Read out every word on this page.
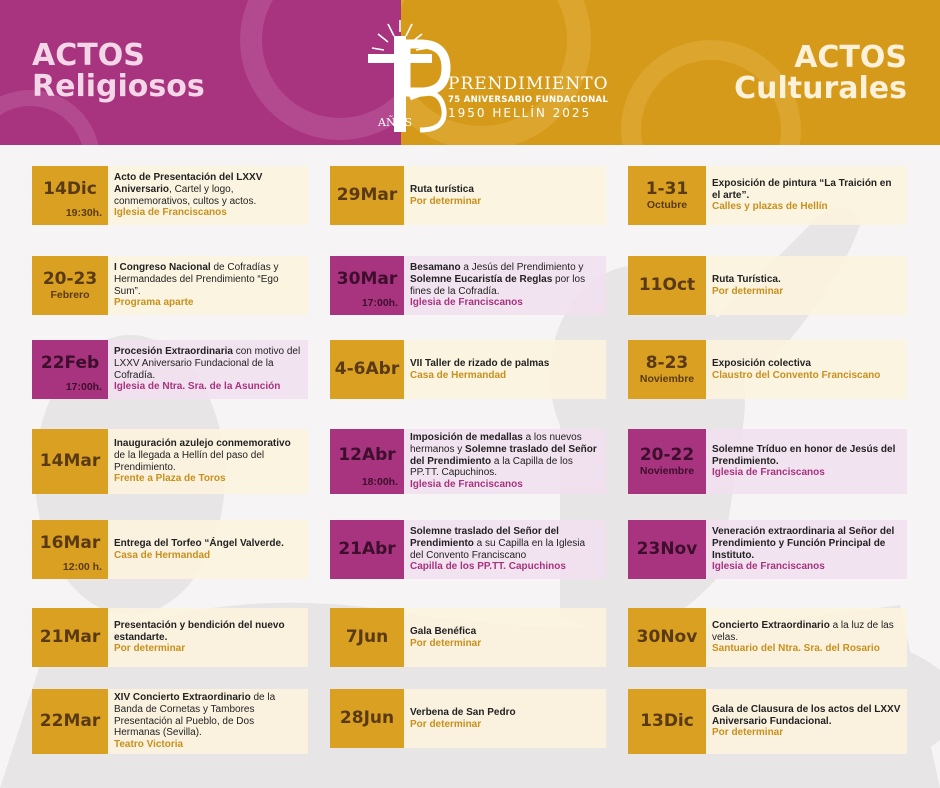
ACTOS
Religiosos
ACTOS
Culturales
AÑOS
PRENDIMIENTO
75 ANIVERSARIO FUNDACIONAL
1950 HELLÍN 2025
14Dic
19:30h.
Acto de Presentación del LXXV Aniversario, Cartel y logo, conmemorativos, cultos y actos.
Iglesia de Franciscanos
20-23
Febrero
I Congreso Nacional de Cofradías y Hermandades del Prendimiento “Ego Sum”.
Programa aparte
22Feb
17:00h.
Procesión Extraordinaria con motivo del LXXV Aniversario Fundacional de la Cofradía.
Iglesia de Ntra. Sra. de la Asunción
14Mar
Inauguración azulejo conmemorativo de la llegada a Hellín del paso del Prendimiento.
Frente a Plaza de Toros
16Mar
12:00 h.
Entrega del Torfeo “Ángel Valverde.
Casa de Hermandad
21Mar
Presentación y bendición del nuevo estandarte.
Por determinar
22Mar
XIV Concierto Extraordinario de la Banda de Cornetas y Tambores Presentación al Pueblo, de Dos Hermanas (Sevilla).
Teatro Victoria
29Mar Ruta turística
Por determinar
30Mar
17:00h.
Besamano a Jesús del Prendimiento y Solemne Eucaristía de Reglas por los fines de la Cofradía.
Iglesia de Franciscanos
4-6Abr VII Taller de rizado de palmas
Casa de Hermandad
12Abr
18:00h.
Imposición de medallas a los nuevos hermanos y Solemne traslado del Señor del Prendimiento a la Capilla de los PP.TT. Capuchinos.
Iglesia de Franciscanos
21Abr
Solemne traslado del Señor del Prendimiento a su Capilla en la Iglesia del Convento Franciscano
Capilla de los PP.TT. Capuchinos
7Jun Gala Benéfica
Por determinar
28Jun Verbena de San Pedro
Por determinar
1-31
Octubre
Exposición de pintura “La Traición en el arte”.
Calles y plazas de Hellín
11Oct Ruta Turística.
Por determinar
8-23
Noviembre
Exposición colectiva
Claustro del Convento Franciscano
20-22
Noviembre
Solemne Tríduo en honor de Jesús del Prendimiento.
Iglesia de Franciscanos
23Nov
Veneración extraordinaria al Señor del Prendimiento y Función Principal de Instituto.
Iglesia de Franciscanos
30Nov
Concierto Extraordinario a la luz de las velas.
Santuario del Ntra. Sra. del Rosario
13Dic
Gala de Clausura de los actos del LXXV Aniversario Fundacional.
Por determinar
